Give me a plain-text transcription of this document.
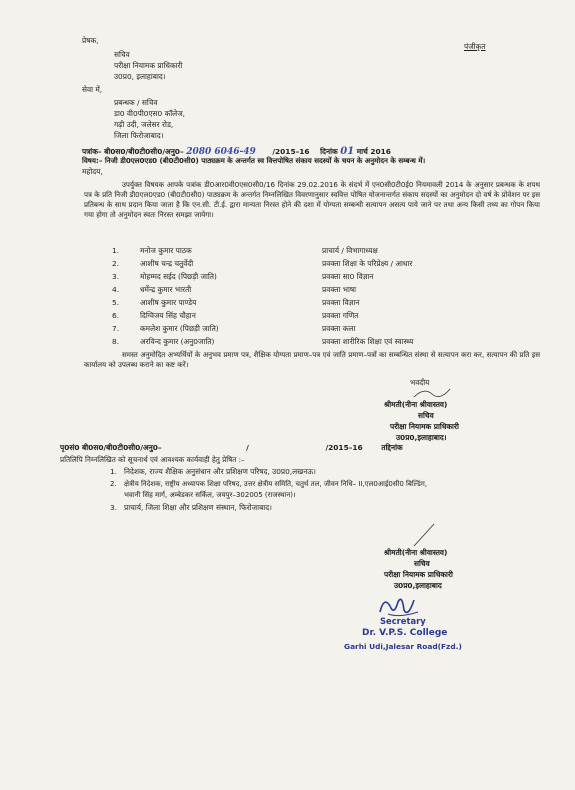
पंजीकृत
प्रेषक,
सचिव
परीक्षा नियामक प्राधिकारी
उ0प्र0, इलाहाबाद।
सेवा में,
प्रबन्धक / सचिव
डा0 वी0पी0एस0 कॉलेज,
गढ़ी उदी, जलेसर रोड,
जिला फिरोजाबाद।
पत्रांक– बी0स0/बी0टी0सी0/अनु0– 2080 6046-49 /2015–16 दिनांक 01 मार्च 2016
विषय:– निजी डी0एल0एड0 (बी0टी0सी0) पाठ्यक्रम के अन्तर्गत स्व वित्तपोषित संकाय सदस्यों के चयन के अनुमोदन के सम्बन्ध में।
महोदय,
उपर्युक्त विषयक आपके पत्रांक डी0आर0वी0एस0सी0/16 दिनांक 29.02.2016 के संदर्भ में एन0सी0टी0ई0 नियमावली 2014 के अनुसार प्रबन्धक के शपथ पत्र के प्रति निजी डी0एल0एड0 (बी0टी0सी0) पाठ्यक्रम के अन्तर्गत निम्नलिखित विवरणानुसार स्ववित्त पोषित योजनान्तर्गत संकाय सदस्यों का अनुमोदन दो वर्ष के प्रोवेशन पर इस प्रतिबन्ध के साथ प्रदान किया जाता है कि एन.सी. टी.ई. द्वारा मान्यता निरस्त होने की दशा में योग्यता सम्बन्धी सत्यापन असत्य पाये जाने पर तथा अन्य किसी तथ्य का गोपन किया गया होगा तो अनुमोदन स्वतः निरस्त समझा जायेगा।
1.	मनोज कुमार पाठक	प्राचार्य / विभागाध्यक्ष
2.	आशीष चन्द्र चतुर्वेदी	प्रवक्ता शिक्षा के परिप्रेक्ष्य / आधार
3.	मोहम्मद सईद (पिछड़ी जाति)	प्रवक्ता सा0 विज्ञान
4.	धर्मेन्द्र कुमार भारती	प्रवक्ता भाषा
5.	आशीष कुमार पाण्डेय	प्रवक्ता विज्ञान
6.	दिग्विजय सिंह चौहान	प्रवक्ता गणित
7.	कमलेश कुमार (पिछड़ी जाति)	प्रवक्ता कला
8.	अरविन्द कुमार (अनु0जाति)	प्रवक्ता शारीरिक शिक्षा एवं स्वास्थ्य
समस्त अनुमोदित अभ्यर्थियों के अनुभव प्रमाण पत्र, शैक्षिक योग्यता प्रमाण–पत्र एवं जाति प्रमाण–पत्रों का सम्बन्धित संस्था से सत्यापन करा कर, सत्यापन की प्रति इस कार्यालय को उपलब्ध कराने का कष्ट करें।
भवदीय
श्रीमती(नीना श्रीवास्तव)
सचिव
परीक्षा नियामक प्राधिकारी
उ0प्र0,इलाहाबाद।
पृ0सं0 बी0स0/बी0टी0सी0/अनु0–	/	/2015–16	तद्दिनांक
प्रतिलिपि निम्नलिखित को सूचनार्थ एवं आवश्यक कार्यवाही हेतु प्रेषित :–
1. निदेशक, राज्य शैक्षिक अनुसंधान और प्रशिक्षण परिषद, उ0प्र0,लखनऊ।
2. क्षेत्रीय निदेशक, राष्ट्रीय अध्यापक शिक्षा परिषद, उत्तर क्षेत्रीय समिति, चतुर्थ तल, जीवन निधि– II,एल0आई0सी0 बिल्डिंग,
भवानी सिंह मार्ग, अम्बेडकर सर्किल, जयपुर–302005 (राजस्थान)।
3. प्राचार्य, जिला शिक्षा और प्रशिक्षण संस्थान, फिरोजाबाद।
श्रीमती(नीना श्रीवास्तव)
सचिव
परीक्षा नियामक प्राधिकारी
उ0प्र0,इलाहाबाद
Secretary
Dr. V.P.S. College
Garhi Udi,Jalesar Road(Fzd.)
